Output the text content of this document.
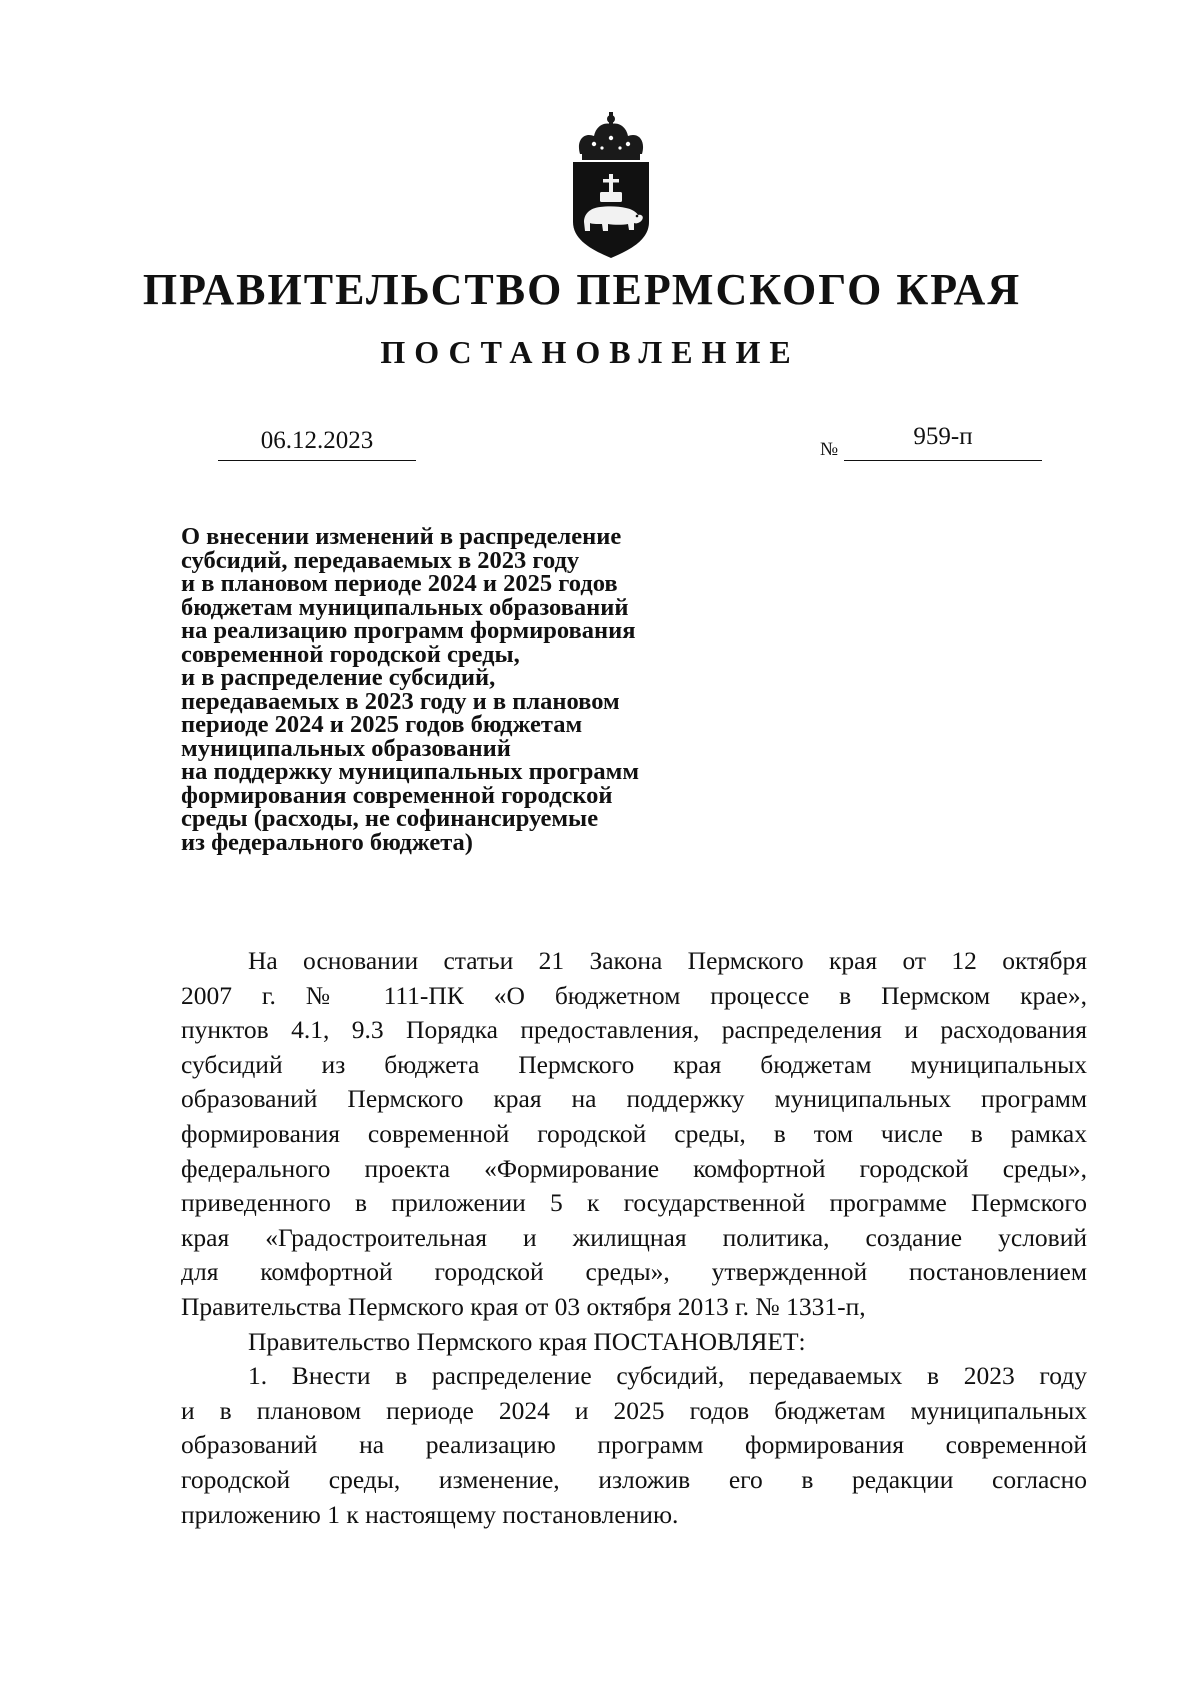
ПРАВИТЕЛЬСТВО ПЕРМСКОГО КРАЯ
ПОСТАНОВЛЕНИЕ
06.12.2023	№	959-п
О внесении изменений в распределение
субсидий, передаваемых в 2023 году
и в плановом периоде 2024 и 2025 годов
бюджетам муниципальных образований
на реализацию программ формирования
современной городской среды,
и в распределение субсидий,
передаваемых в 2023 году и в плановом
периоде 2024 и 2025 годов бюджетам
муниципальных образований
на поддержку муниципальных программ
формирования современной городской
среды (расходы, не софинансируемые
из федерального бюджета)
На основании статьи 21 Закона Пермского края от 12 октября
2007 г. № 111-ПК «О бюджетном процессе в Пермском крае»,
пунктов 4.1, 9.3 Порядка предоставления, распределения и расходования
субсидий из бюджета Пермского края бюджетам муниципальных
образований Пермского края на поддержку муниципальных программ
формирования современной городской среды, в том числе в рамках
федерального проекта «Формирование комфортной городской среды»,
приведенного в приложении 5 к государственной программе Пермского
края «Градостроительная и жилищная политика, создание условий
для комфортной городской среды», утвержденной постановлением
Правительства Пермского края от 03 октября 2013 г. № 1331-п,
Правительство Пермского края ПОСТАНОВЛЯЕТ:
1. Внести в распределение субсидий, передаваемых в 2023 году
и в плановом периоде 2024 и 2025 годов бюджетам муниципальных
образований на реализацию программ формирования современной
городской среды, изменение, изложив его в редакции согласно
приложению 1 к настоящему постановлению.
